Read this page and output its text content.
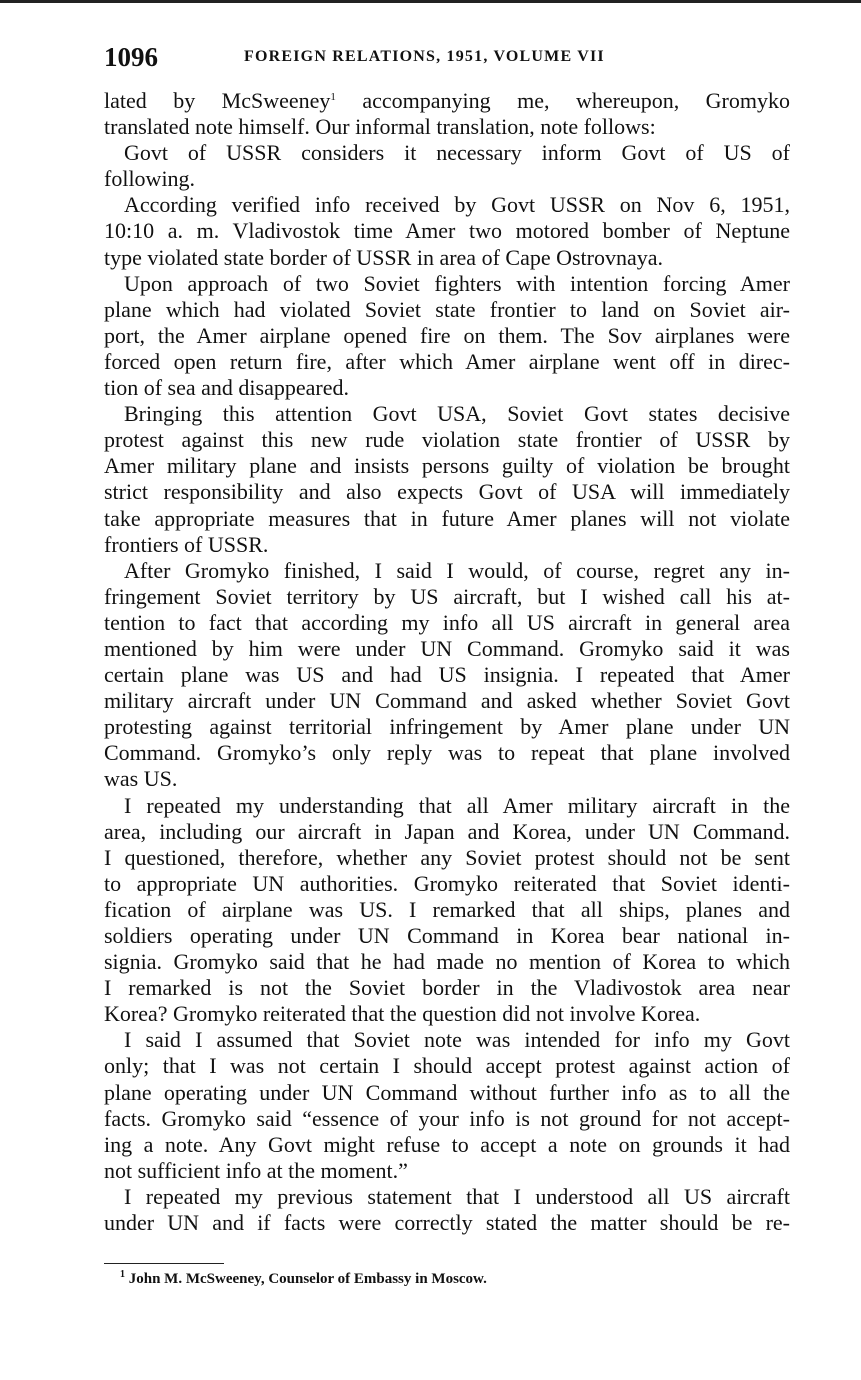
1096	FOREIGN RELATIONS, 1951, VOLUME VII
lated by McSweeney$^1$ accompanying me, whereupon, Gromyko
translated note himself. Our informal translation, note follows:
Govt of USSR considers it necessary inform Govt of US of
following.
According verified info received by Govt USSR on Nov 6, 1951,
10:10 a. m. Vladivostok time Amer two motored bomber of Neptune
type violated state border of USSR in area of Cape Ostrovnaya.
Upon approach of two Soviet fighters with intention forcing Amer
plane which had violated Soviet state frontier to land on Soviet air-
port, the Amer airplane opened fire on them. The Sov airplanes were
forced open return fire, after which Amer airplane went off in direc-
tion of sea and disappeared.
Bringing this attention Govt USA, Soviet Govt states decisive
protest against this new rude violation state frontier of USSR by
Amer military plane and insists persons guilty of violation be brought
strict responsibility and also expects Govt of USA will immediately
take appropriate measures that in future Amer planes will not violate
frontiers of USSR.
After Gromyko finished, I said I would, of course, regret any in-
fringement Soviet territory by US aircraft, but I wished call his at-
tention to fact that according my info all US aircraft in general area
mentioned by him were under UN Command. Gromyko said it was
certain plane was US and had US insignia. I repeated that Amer
military aircraft under UN Command and asked whether Soviet Govt
protesting against territorial infringement by Amer plane under UN
Command. Gromyko’s only reply was to repeat that plane involved
was US.
I repeated my understanding that all Amer military aircraft in the
area, including our aircraft in Japan and Korea, under UN Command.
I questioned, therefore, whether any Soviet protest should not be sent
to appropriate UN authorities. Gromyko reiterated that Soviet identi-
fication of airplane was US. I remarked that all ships, planes and
soldiers operating under UN Command in Korea bear national in-
signia. Gromyko said that he had made no mention of Korea to which
I remarked is not the Soviet border in the Vladivostok area near
Korea? Gromyko reiterated that the question did not involve Korea.
I said I assumed that Soviet note was intended for info my Govt
only; that I was not certain I should accept protest against action of
plane operating under UN Command without further info as to all the
facts. Gromyko said “essence of your info is not ground for not accept-
ing a note. Any Govt might refuse to accept a note on grounds it had
not sufficient info at the moment.”
I repeated my previous statement that I understood all US aircraft
under UN and if facts were correctly stated the matter should be re-
$^1$ John M. McSweeney, Counselor of Embassy in Moscow.
